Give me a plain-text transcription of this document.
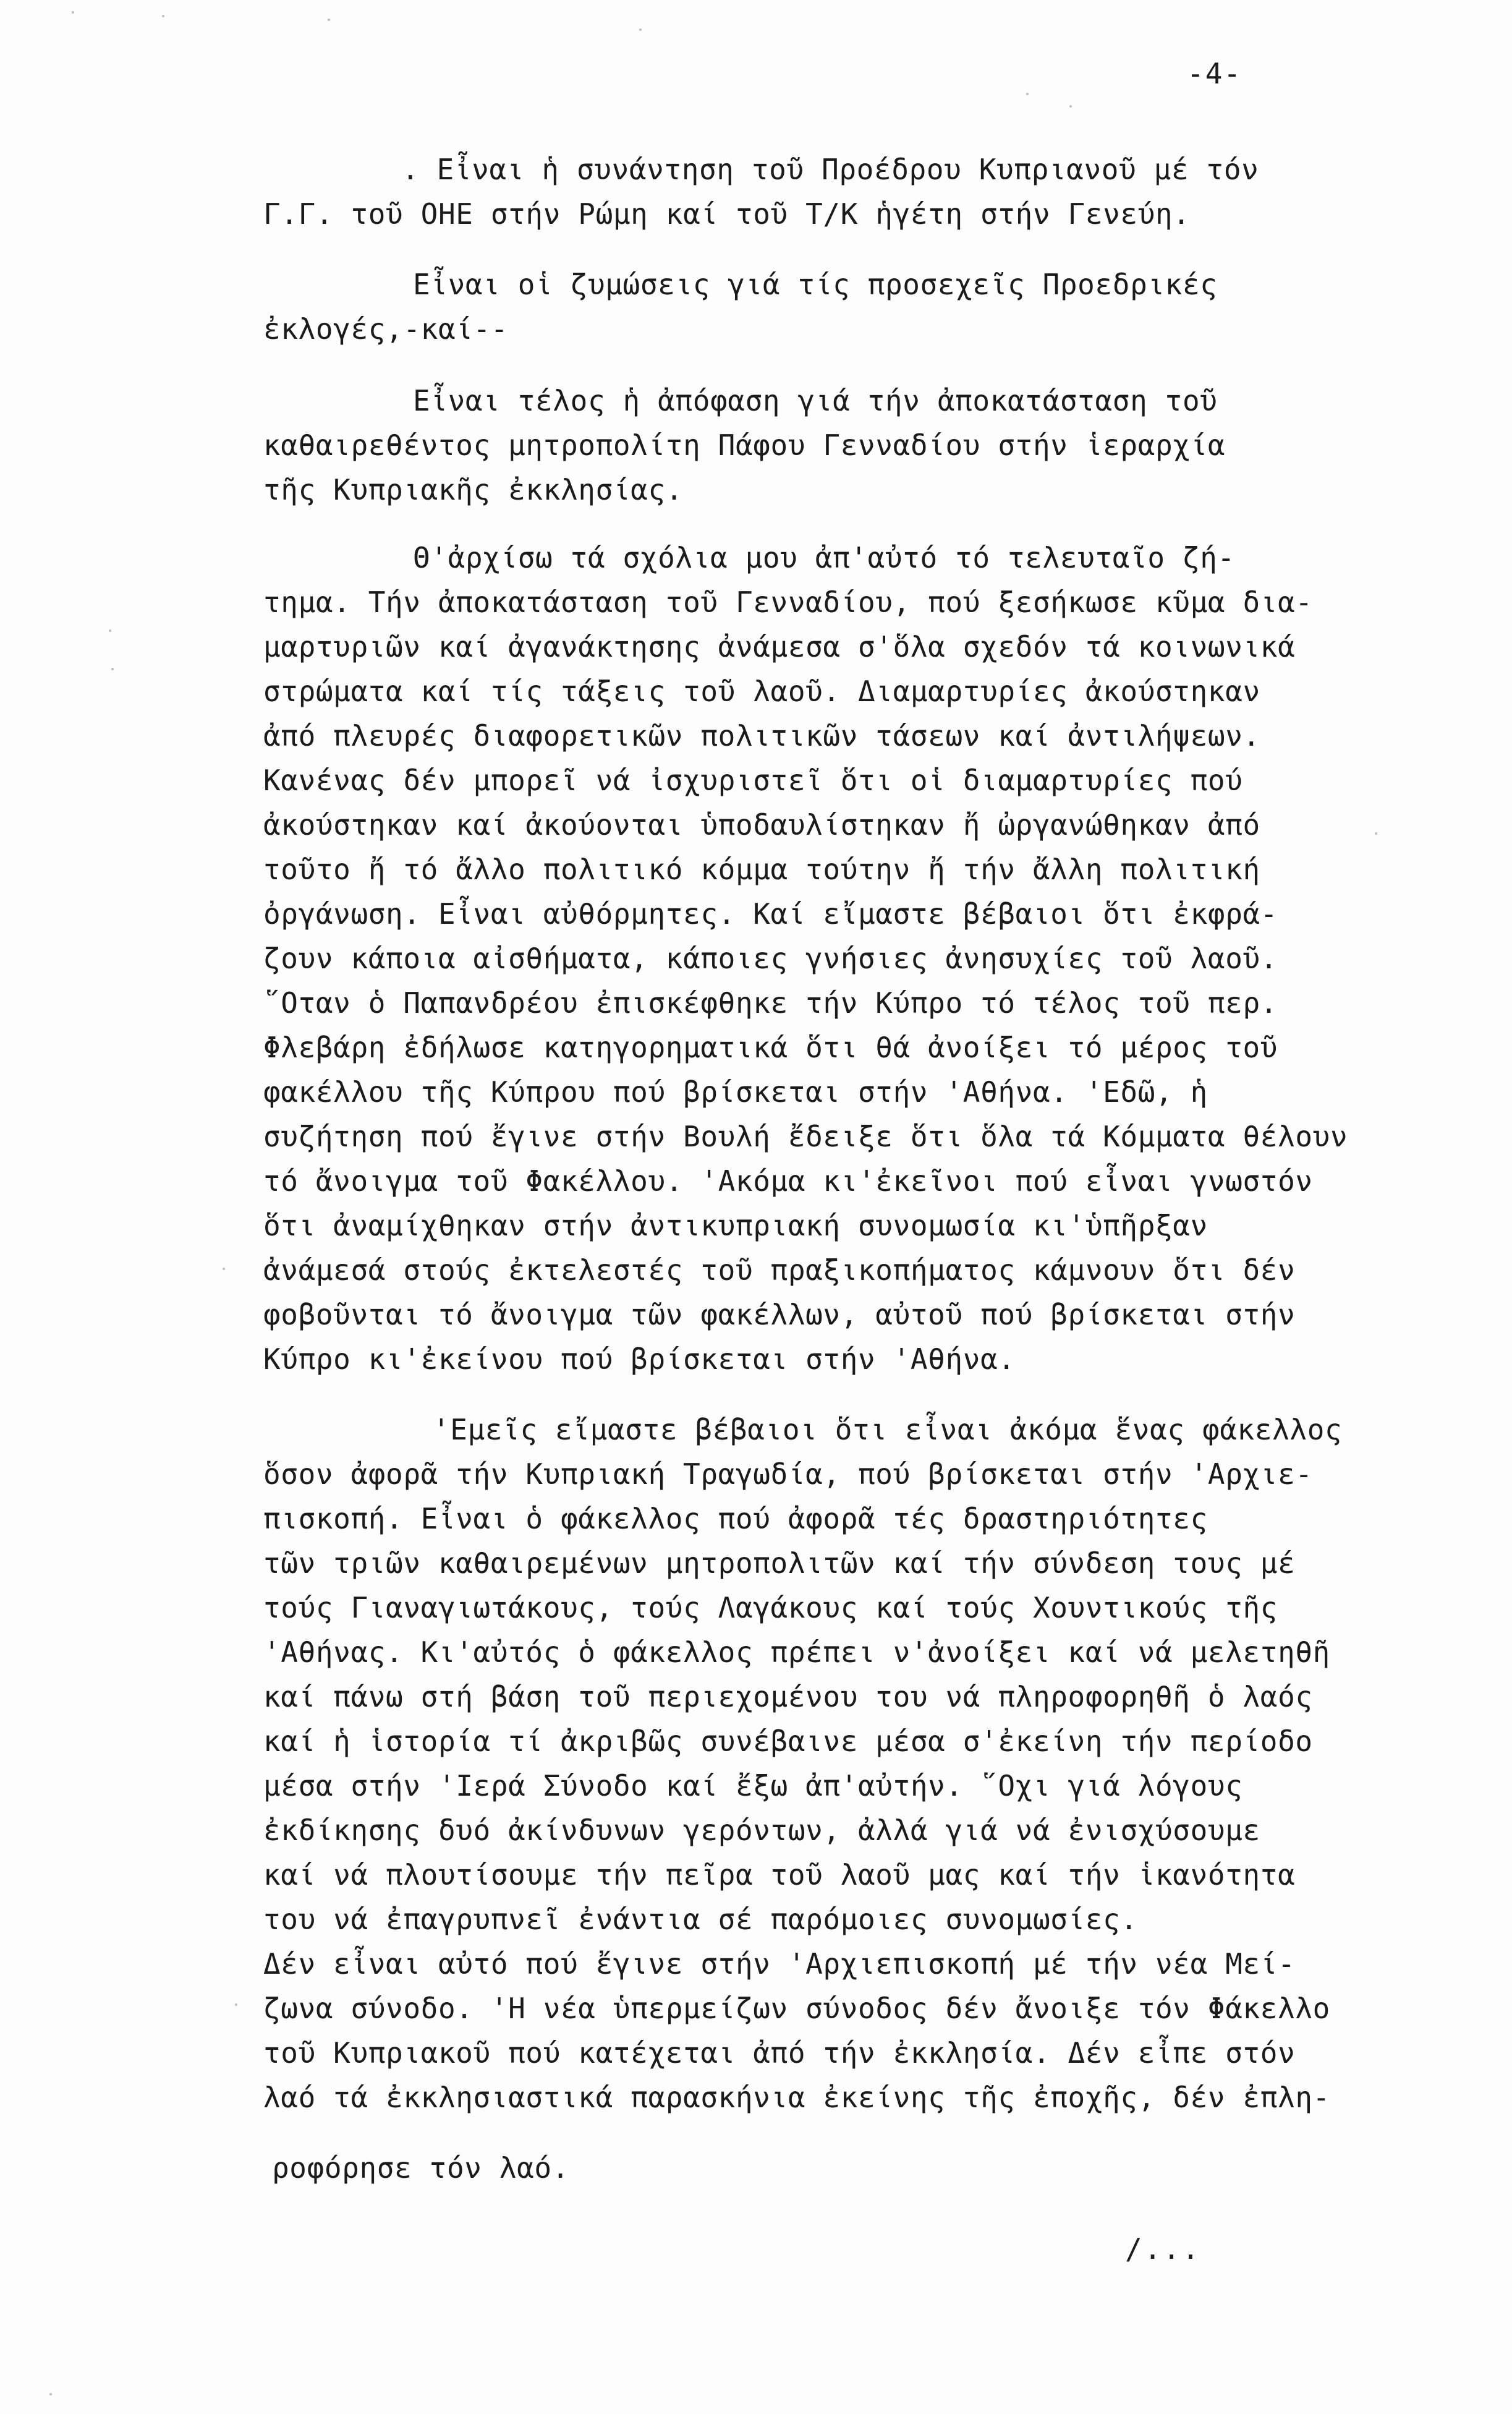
-4-
. Εἶναι ἡ συνάντηση τοῦ Προέδρου Κυπριανοῦ μέ τόν
Γ.Γ. τοῦ ΟΗΕ στήν Ρώμη καί τοῦ Τ/Κ ἡγέτη στήν Γενεύη.
Εἶναι οἱ ζυμώσεις γιά τίς προσεχεῖς Προεδρικές
ἐκλογές,-καί--
Εἶναι τέλος ἡ ἀπόφαση γιά τήν ἀποκατάσταση τοῦ
καθαιρεθέντος μητροπολίτη Πάφου Γενναδίου στήν ἱεραρχία
τῆς Κυπριακῆς ἐκκλησίας.
Θ'ἀρχίσω τά σχόλια μου ἀπ'αὐτό τό τελευταῖο ζή-
τημα. Τήν ἀποκατάσταση τοῦ Γενναδίου, πού ξεσήκωσε κῦμα δια-
μαρτυριῶν καί ἀγανάκτησης ἀνάμεσα σ'ὅλα σχεδόν τά κοινωνικά
στρώματα καί τίς τάξεις τοῦ λαοῦ. Διαμαρτυρίες ἀκούστηκαν
ἀπό πλευρές διαφορετικῶν πολιτικῶν τάσεων καί ἀντιλήψεων.
Κανένας δέν μπορεῖ νά ἰσχυριστεῖ ὅτι οἱ διαμαρτυρίες πού
ἀκούστηκαν καί ἀκούονται ὑποδαυλίστηκαν ἤ ὠργανώθηκαν ἀπό
τοῦτο ἤ τό ἄλλο πολιτικό κόμμα τούτην ἤ τήν ἄλλη πολιτική
ὀργάνωση. Εἶναι αὐθόρμητες. Καί εἴμαστε βέβαιοι ὅτι ἐκφρά-
ζουν κάποια αἰσθήματα, κάποιες γνήσιες ἀνησυχίες τοῦ λαοῦ.
῞Οταν ὁ Παπανδρέου ἐπισκέφθηκε τήν Κύπρο τό τέλος τοῦ περ.
Φλεβάρη ἐδήλωσε κατηγορηματικά ὅτι θά ἀνοίξει τό μέρος τοῦ
φακέλλου τῆς Κύπρου πού βρίσκεται στήν 'Αθήνα. 'Εδῶ, ἡ
συζήτηση πού ἔγινε στήν Βουλή ἔδειξε ὅτι ὅλα τά Κόμματα θέλουν
τό ἄνοιγμα τοῦ Φακέλλου. 'Ακόμα κι'ἐκεῖνοι πού εἶναι γνωστόν
ὅτι ἀναμίχθηκαν στήν ἀντικυπριακή συνομωσία κι'ὑπῆρξαν
ἀνάμεσά στούς ἐκτελεστές τοῦ πραξικοπήματος κάμνουν ὅτι δέν
φοβοῦνται τό ἄνοιγμα τῶν φακέλλων, αὐτοῦ πού βρίσκεται στήν
Κύπρο κι'ἐκείνου πού βρίσκεται στήν 'Αθήνα.
'Εμεῖς εἴμαστε βέβαιοι ὅτι εἶναι ἀκόμα ἕνας φάκελλος
ὅσον ἀφορᾶ τήν Κυπριακή Τραγωδία, πού βρίσκεται στήν 'Αρχιε-
πισκοπή. Εἶναι ὁ φάκελλος πού ἀφορᾶ τές δραστηριότητες
τῶν τριῶν καθαιρεμένων μητροπολιτῶν καί τήν σύνδεση τους μέ
τούς Γιαναγιωτάκους, τούς Λαγάκους καί τούς Χουντικούς τῆς
'Αθήνας. Κι'αὐτός ὁ φάκελλος πρέπει ν'ἀνοίξει καί νά μελετηθῆ
καί πάνω στή βάση τοῦ περιεχομένου του νά πληροφορηθῆ ὁ λαός
καί ἡ ἱστορία τί ἀκριβῶς συνέβαινε μέσα σ'ἐκείνη τήν περίοδο
μέσα στήν 'Ιερά Σύνοδο καί ἔξω ἀπ'αὐτήν. ῞Οχι γιά λόγους
ἐκδίκησης δυό ἀκίνδυνων γερόντων, ἀλλά γιά νά ἐνισχύσουμε
καί νά πλουτίσουμε τήν πεῖρα τοῦ λαοῦ μας καί τήν ἱκανότητα
του νά ἐπαγρυπνεῖ ἐνάντια σέ παρόμοιες συνομωσίες.
Δέν εἶναι αὐτό πού ἔγινε στήν 'Αρχιεπισκοπή μέ τήν νέα Μεί-
ζωνα σύνοδο. 'Η νέα ὑπερμείζων σύνοδος δέν ἄνοιξε τόν Φάκελλο
τοῦ Κυπριακοῦ πού κατέχεται ἀπό τήν ἐκκλησία. Δέν εἶπε στόν
λαό τά ἐκκλησιαστικά παρασκήνια ἐκείνης τῆς ἐποχῆς, δέν ἐπλη-
ροφόρησε τόν λαό.
/...
